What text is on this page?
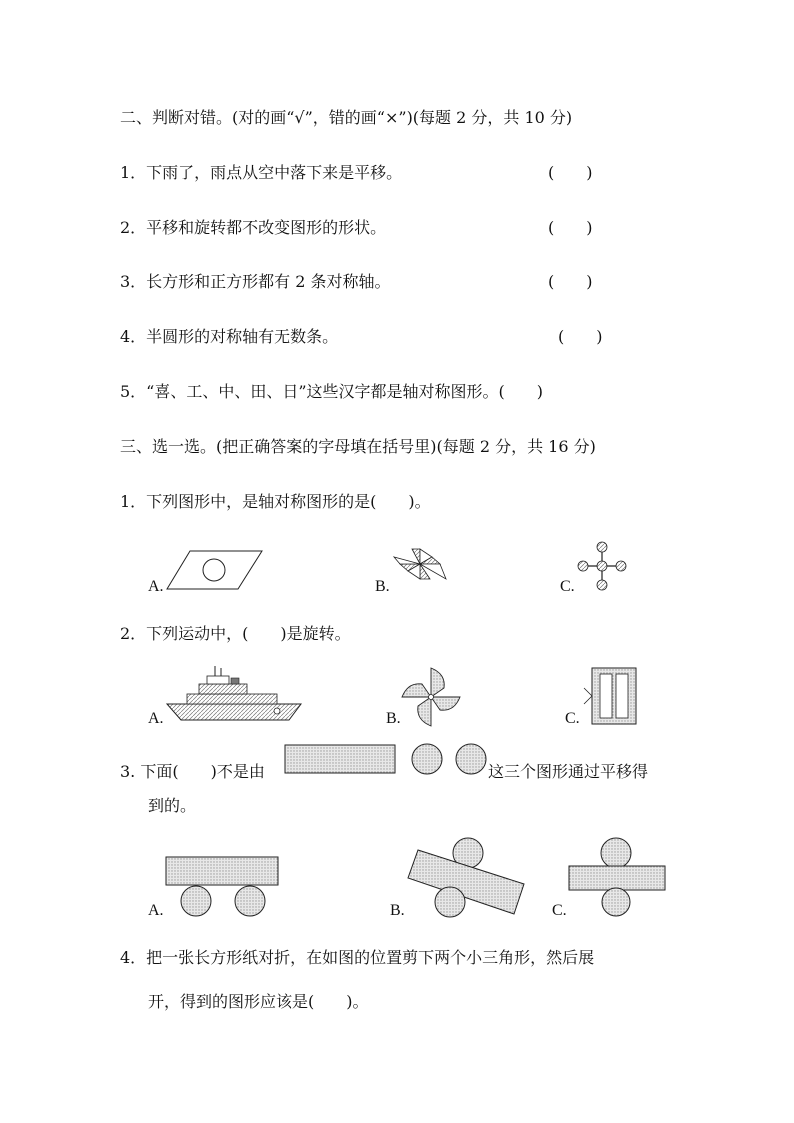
二、判断对错。(对的画“√”，错的画“×”)(每题 2 分，共 10 分)
1．下雨了，雨点从空中落下来是平移。	(　　)
2．平移和旋转都不改变图形的形状。	(　　)
3．长方形和正方形都有 2 条对称轴。	(　　)
4．半圆形的对称轴有无数条。	(　　)
5．“喜、工、中、田、日”这些汉字都是轴对称图形。(　　)
三、选一选。(把正确答案的字母填在括号里)(每题 2 分，共 16 分)
1．下列图形中，是轴对称图形的是(　　)。
A.	B.	C.
2．下列运动中，(　　)是旋转。
A.	B.	C.
3. 下面(　　)不是由	这三个图形通过平移得
到的。
A.	B.	C.
4．把一张长方形纸对折，在如图的位置剪下两个小三角形，然后展
开，得到的图形应该是(　　)。
